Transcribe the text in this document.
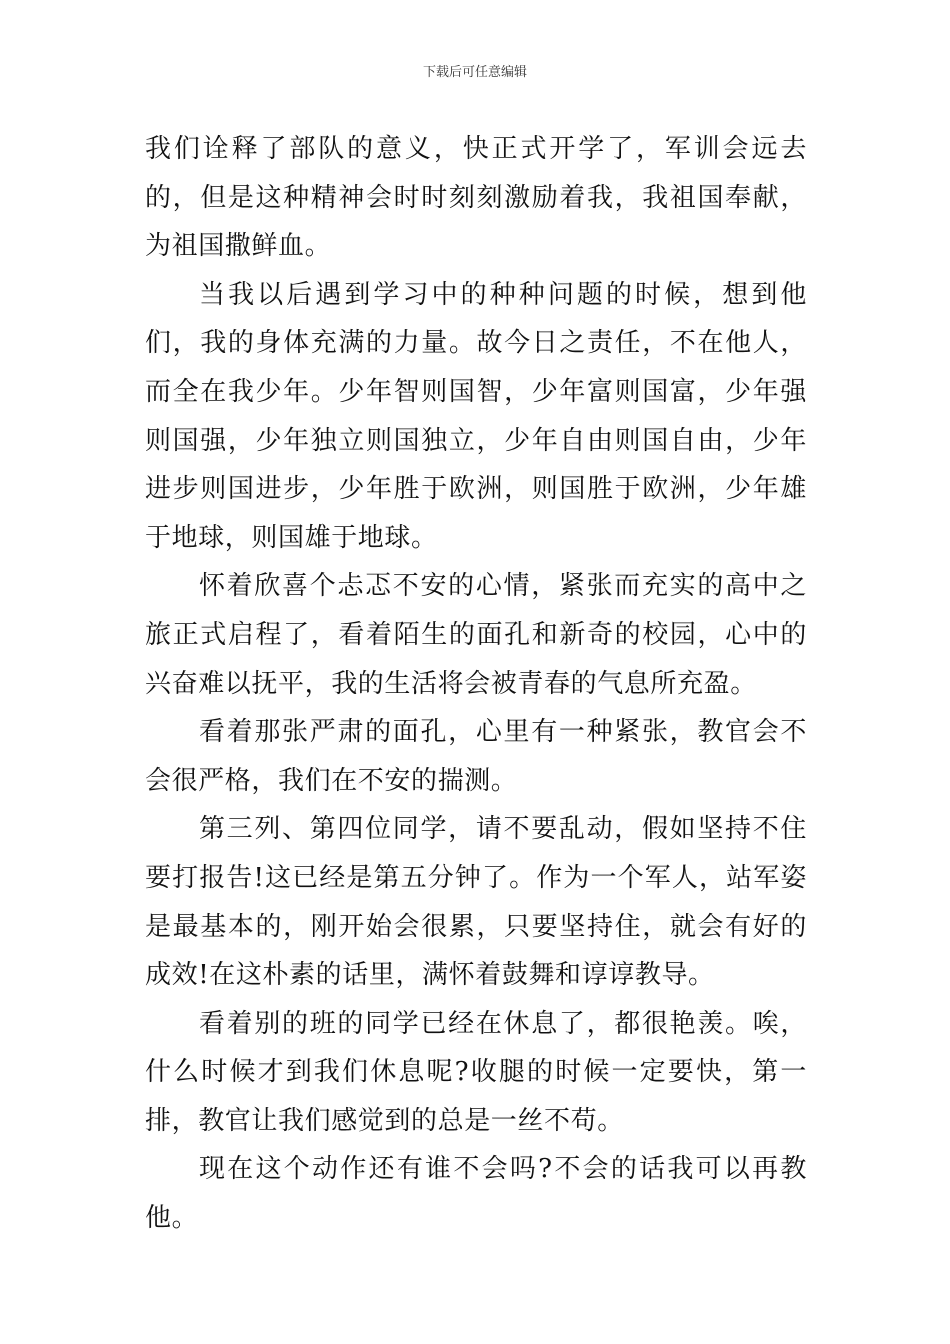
下载后可任意编辑

我们诠释了部队的意义，快正式开学了，军训会远去的，但是这种精神会时时刻刻激励着我，我祖国奉献，为祖国撒鲜血。

当我以后遇到学习中的种种问题的时候，想到他们，我的身体充满的力量。故今日之责任，不在他人，而全在我少年。少年智则国智，少年富则国富，少年强则国强，少年独立则国独立，少年自由则国自由，少年进步则国进步，少年胜于欧洲，则国胜于欧洲，少年雄于地球，则国雄于地球。

怀着欣喜个忐忑不安的心情，紧张而充实的高中之旅正式启程了，看着陌生的面孔和新奇的校园，心中的兴奋难以抚平，我的生活将会被青春的气息所充盈。

看着那张严肃的面孔，心里有一种紧张，教官会不会很严格，我们在不安的揣测。

第三列、第四位同学，请不要乱动，假如坚持不住要打报告!这已经是第五分钟了。作为一个军人，站军姿是最基本的，刚开始会很累，只要坚持住，就会有好的成效!在这朴素的话里，满怀着鼓舞和谆谆教导。

看着别的班的同学已经在休息了，都很艳羡。唉，什么时候才到我们休息呢?收腿的时候一定要快，第一排，教官让我们感觉到的总是一丝不苟。

现在这个动作还有谁不会吗?不会的话我可以再教他。
